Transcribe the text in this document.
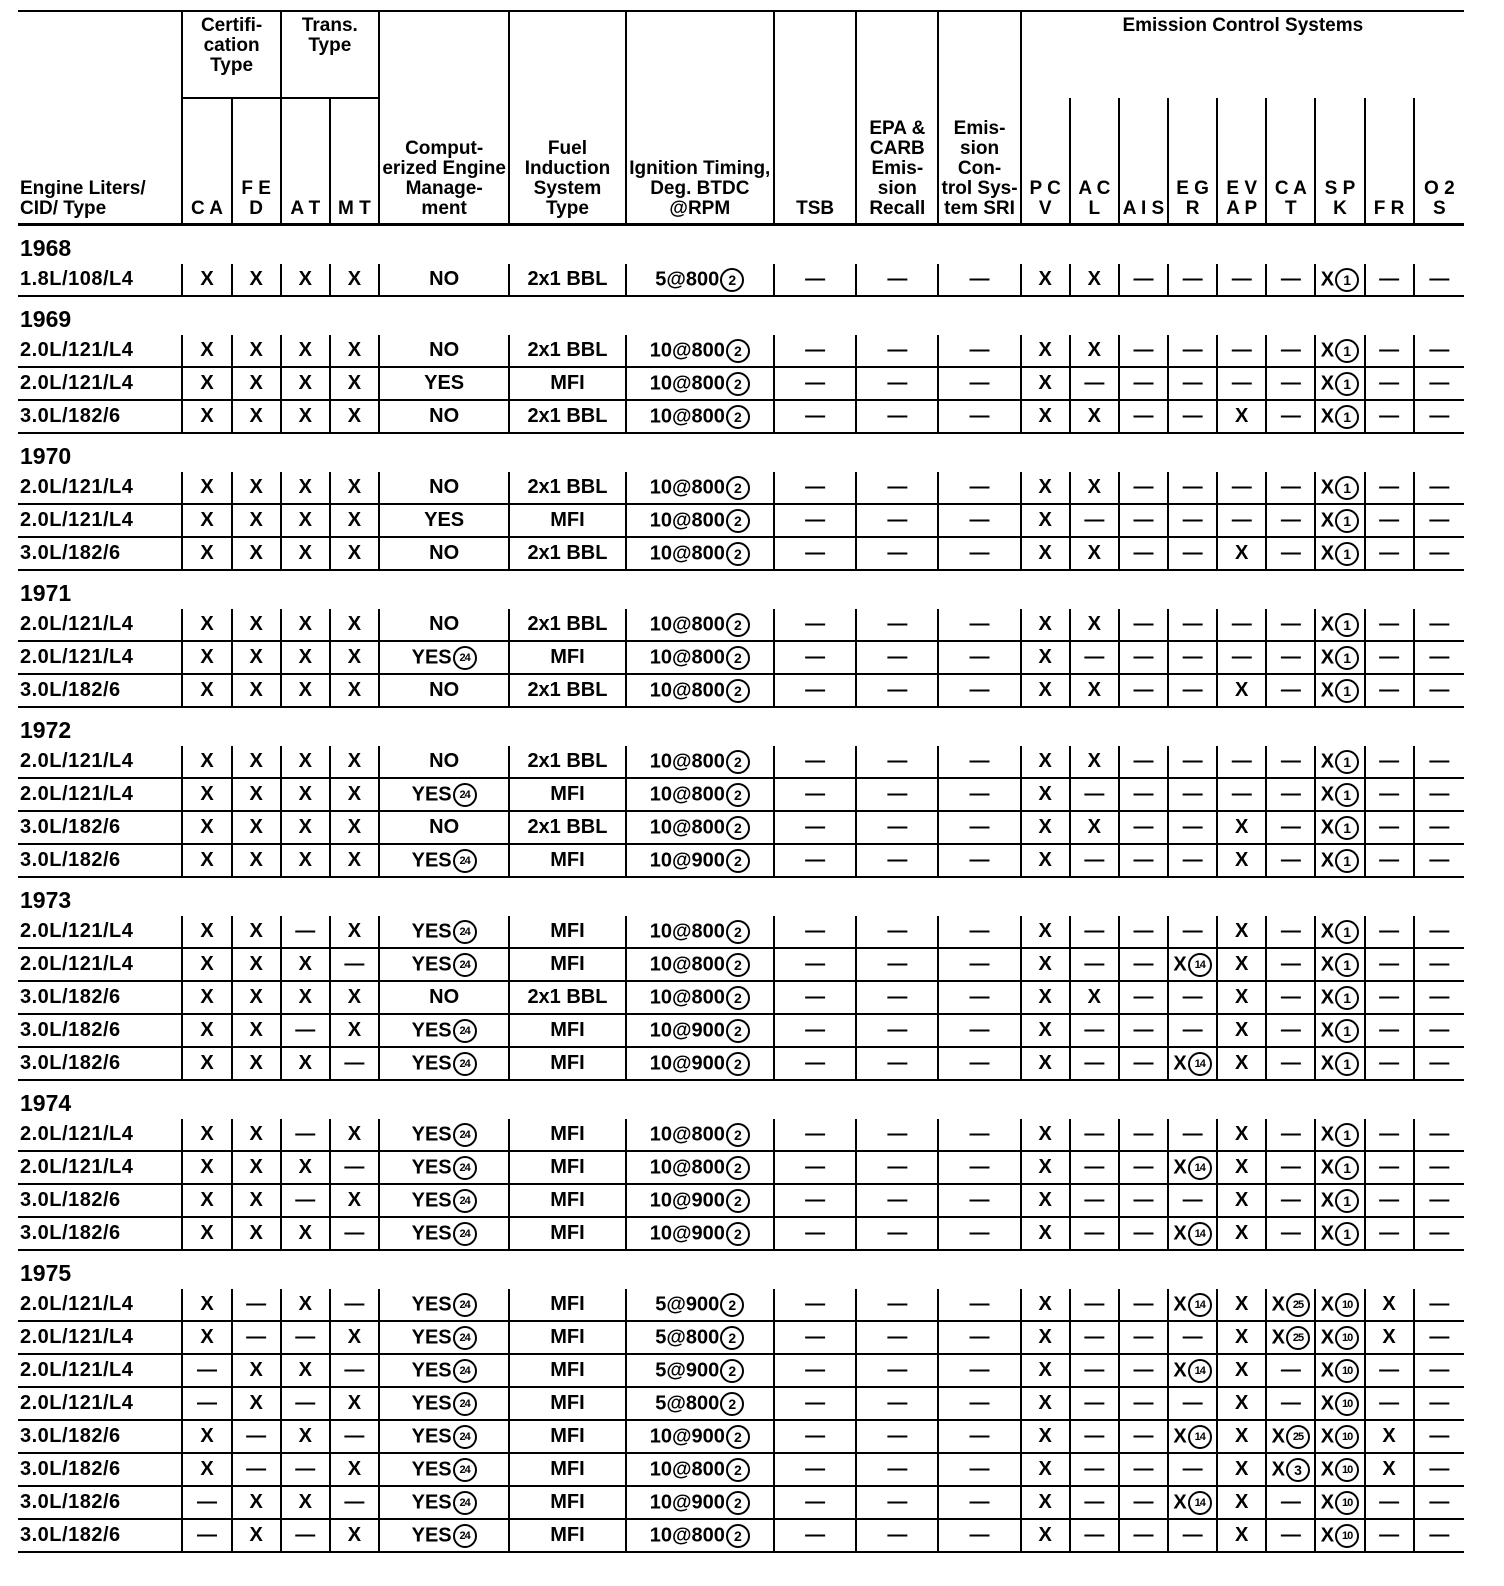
Engine Liters/ CID/ Type	Certifi- cation Type		Trans. Type		Comput- erized Engine Manage- ment	Fuel Induction System Type	Ignition Timing, Deg. BTDC @RPM	TSB	EPA & CARB Emis- sion Recall	Emis- sion Con- trol Sys- tem SRI	Emission Control Systems								
	C A	F E D	A T	M T							P C V	A C L	A I S	E G R	E V A P	C A T	S P K	F R	O 2 S
1968																			
1.8L/108/L4	X	X	X	X	NO	2x1 BBL	5@800 2	—	—	—	X	X	—	—	—	—	X 1	—	—
1969																			
2.0L/121/L4	X	X	X	X	NO	2x1 BBL	10@800 2	—	—	—	X	X	—	—	—	—	X 1	—	—
2.0L/121/L4	X	X	X	X	YES	MFI	10@800 2	—	—	—	X	—	—	—	—	—	X 1	—	—
3.0L/182/6	X	X	X	X	NO	2x1 BBL	10@800 2	—	—	—	X	X	—	—	X	—	X 1	—	—
1970																			
2.0L/121/L4	X	X	X	X	NO	2x1 BBL	10@800 2	—	—	—	X	X	—	—	—	—	X 1	—	—
2.0L/121/L4	X	X	X	X	YES	MFI	10@800 2	—	—	—	X	—	—	—	—	—	X 1	—	—
3.0L/182/6	X	X	X	X	NO	2x1 BBL	10@800 2	—	—	—	X	X	—	—	X	—	X 1	—	—
1971																			
2.0L/121/L4	X	X	X	X	NO	2x1 BBL	10@800 2	—	—	—	X	X	—	—	—	—	X 1	—	—
2.0L/121/L4	X	X	X	X	YES 24	MFI	10@800 2	—	—	—	X	—	—	—	—	—	X 1	—	—
3.0L/182/6	X	X	X	X	NO	2x1 BBL	10@800 2	—	—	—	X	X	—	—	X	—	X 1	—	—
1972																			
2.0L/121/L4	X	X	X	X	NO	2x1 BBL	10@800 2	—	—	—	X	X	—	—	—	—	X 1	—	—
2.0L/121/L4	X	X	X	X	YES 24	MFI	10@800 2	—	—	—	X	—	—	—	—	—	X 1	—	—
3.0L/182/6	X	X	X	X	NO	2x1 BBL	10@800 2	—	—	—	X	X	—	—	X	—	X 1	—	—
3.0L/182/6	X	X	X	X	YES 24	MFI	10@900 2	—	—	—	X	—	—	—	X	—	X 1	—	—
1973																			
2.0L/121/L4	X	X	—	X	YES 24	MFI	10@800 2	—	—	—	X	—	—	—	X	—	X 1	—	—
2.0L/121/L4	X	X	X	—	YES 24	MFI	10@800 2	—	—	—	X	—	—	X 14	X	—	X 1	—	—
3.0L/182/6	X	X	X	X	NO	2x1 BBL	10@800 2	—	—	—	X	X	—	—	X	—	X 1	—	—
3.0L/182/6	X	X	—	X	YES 24	MFI	10@900 2	—	—	—	X	—	—	—	X	—	X 1	—	—
3.0L/182/6	X	X	X	—	YES 24	MFI	10@900 2	—	—	—	X	—	—	X 14	X	—	X 1	—	—
1974																			
2.0L/121/L4	X	X	—	X	YES 24	MFI	10@800 2	—	—	—	X	—	—	—	X	—	X 1	—	—
2.0L/121/L4	X	X	X	—	YES 24	MFI	10@800 2	—	—	—	X	—	—	X 14	X	—	X 1	—	—
3.0L/182/6	X	X	—	X	YES 24	MFI	10@900 2	—	—	—	X	—	—	—	X	—	X 1	—	—
3.0L/182/6	X	X	X	—	YES 24	MFI	10@900 2	—	—	—	X	—	—	X 14	X	—	X 1	—	—
1975																			
2.0L/121/L4	X	—	X	—	YES 24	MFI	5@900 2	—	—	—	X	—	—	X 14	X	X 25	X 10	X	—
2.0L/121/L4	X	—	—	X	YES 24	MFI	5@800 2	—	—	—	X	—	—	—	X	X 25	X 10	X	—
2.0L/121/L4	—	X	X	—	YES 24	MFI	5@900 2	—	—	—	X	—	—	X 14	X	—	X 10	—	—
2.0L/121/L4	—	X	—	X	YES 24	MFI	5@800 2	—	—	—	X	—	—	—	X	—	X 10	—	—
3.0L/182/6	X	—	X	—	YES 24	MFI	10@900 2	—	—	—	X	—	—	X 14	X	X 25	X 10	X	—
3.0L/182/6	X	—	—	X	YES 24	MFI	10@800 2	—	—	—	X	—	—	—	X	X 3	X 10	X	—
3.0L/182/6	—	X	X	—	YES 24	MFI	10@900 2	—	—	—	X	—	—	X 14	X	—	X 10	—	—
3.0L/182/6	—	X	—	X	YES 24	MFI	10@800 2	—	—	—	X	—	—	—	X	—	X 10	—	—
